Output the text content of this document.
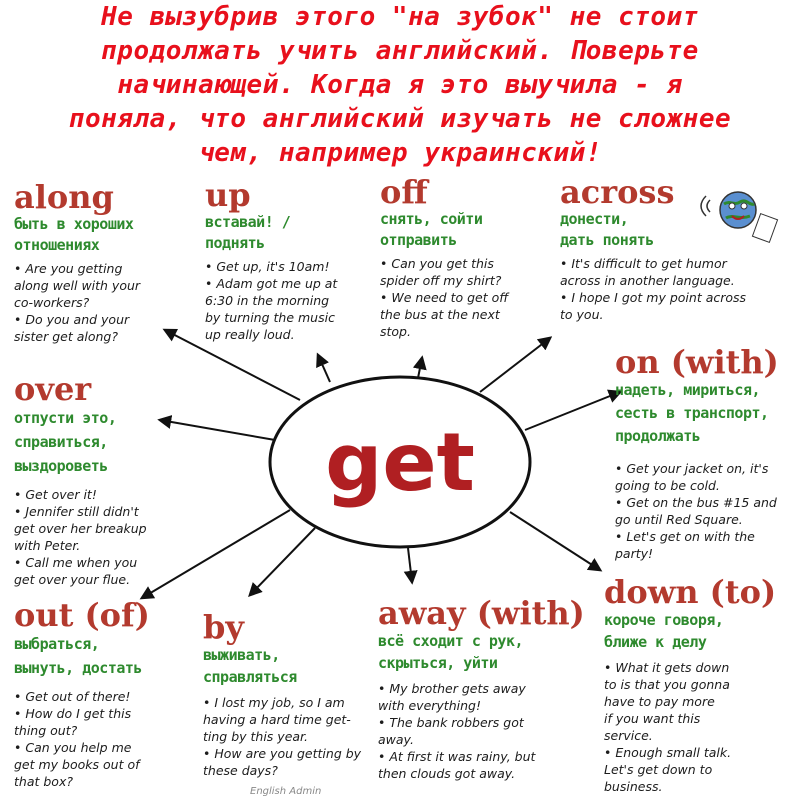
Не вызубрив этого "на зубок" не стоит
продолжать учить английский. Поверьте
начинающей. Когда я это выучила - я
поняла, что английский изучать не сложнее
чем, например украинский!
get
along
быть в хороших
отношениях
• Are you getting
along well with your
co-workers?
• Do you and your
sister get along?
up
вставай! /
поднять
• Get up, it's 10am!
• Adam got me up at
6:30 in the morning
by turning the music
up really loud.
off
снять, сойти
отправить
• Can you get this
spider off my shirt?
• We need to get off
the bus at the next
stop.
across
донести,
дать понять
• It's difficult to get humor
across in another language.
• I hope I got my point across
to you.
over
отпусти это,
справиться,
выздороветь
• Get over it!
• Jennifer still didn't
get over her breakup
with Peter.
• Call me when you
get over your flue.
on (with)
надеть, мириться,
сесть в транспорт,
продолжать
• Get your jacket on, it's
going to be cold.
• Get on the bus #15 and
go until Red Square.
• Let's get on with the
party!
out (of)
выбраться,
вынуть, достать
• Get out of there!
• How do I get this
thing out?
• Can you help me
get my books out of
that box?
by
выживать,
справляться
• I lost my job, so I am
having a hard time get-
ting by this year.
• How are you getting by
these days?
away (with)
всё сходит с рук,
скрыться, уйти
• My brother gets away
with everything!
• The bank robbers got
away.
• At first it was rainy, but
then clouds got away.
down (to)
короче говоря,
ближе к делу
• What it gets down
to is that you gonna
have to pay more
if you want this
service.
• Enough small talk.
Let's get down to
business.
English Admin
